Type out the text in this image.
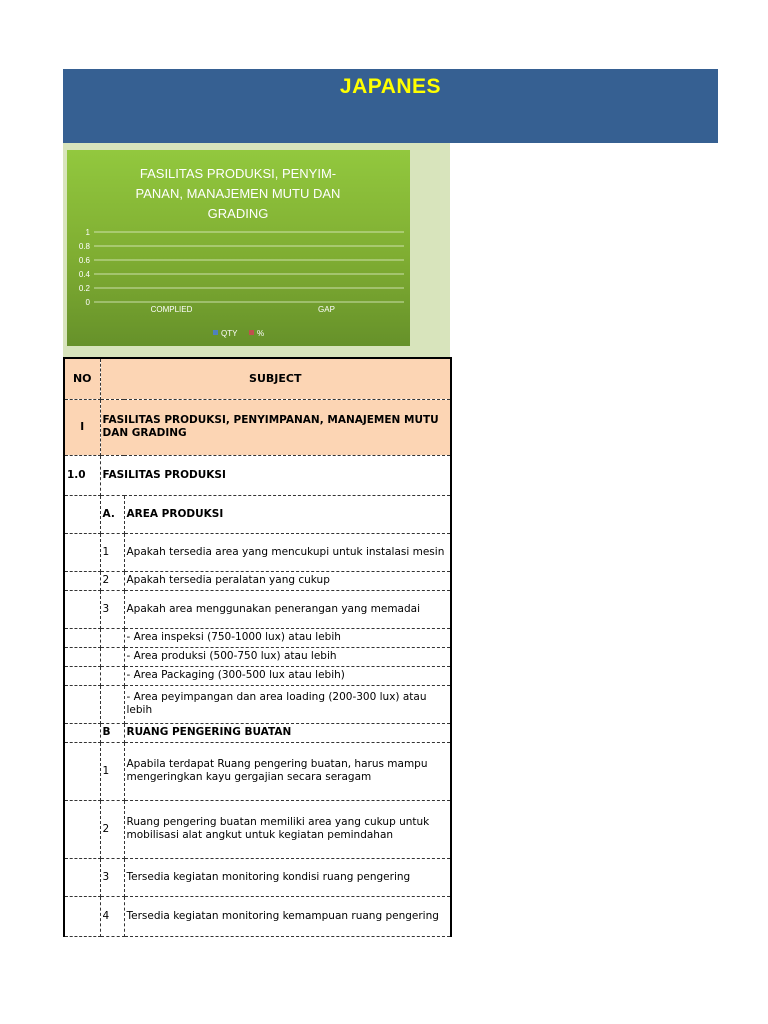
JAPANES
FASILITAS PRODUKSI, PENYIM-
PANAN, MANAJEMEN MUTU DAN
GRADING
1
0.8
0.6
0.4
0.2
0
COMPLIED	GAP
QTY %
NO	SUBJECT	
I	FASILITAS PRODUKSI, PENYIMPANAN, MANAJEMEN MUTU DAN GRADING	
1.0	FASILITAS PRODUKSI	
	A.	AREA PRODUKSI
	1	Apakah tersedia area yang mencukupi untuk instalasi mesin
	2	Apakah tersedia peralatan yang cukup
	3	Apakah area menggunakan penerangan yang memadai
		- Area inspeksi (750-1000 lux) atau lebih
		- Area produksi (500-750 lux) atau lebih
		- Area Packaging (300-500 lux atau lebih)
		- Area peyimpangan dan area loading (200-300 lux) atau lebih
	B	RUANG PENGERING BUATAN
	1	Apabila terdapat Ruang pengering buatan, harus mampu mengeringkan kayu gergajian secara seragam
	2	Ruang pengering buatan memiliki area yang cukup untuk mobilisasi alat angkut untuk kegiatan pemindahan
	3	Tersedia kegiatan monitoring kondisi ruang pengering
	4	Tersedia kegiatan monitoring kemampuan ruang pengering
